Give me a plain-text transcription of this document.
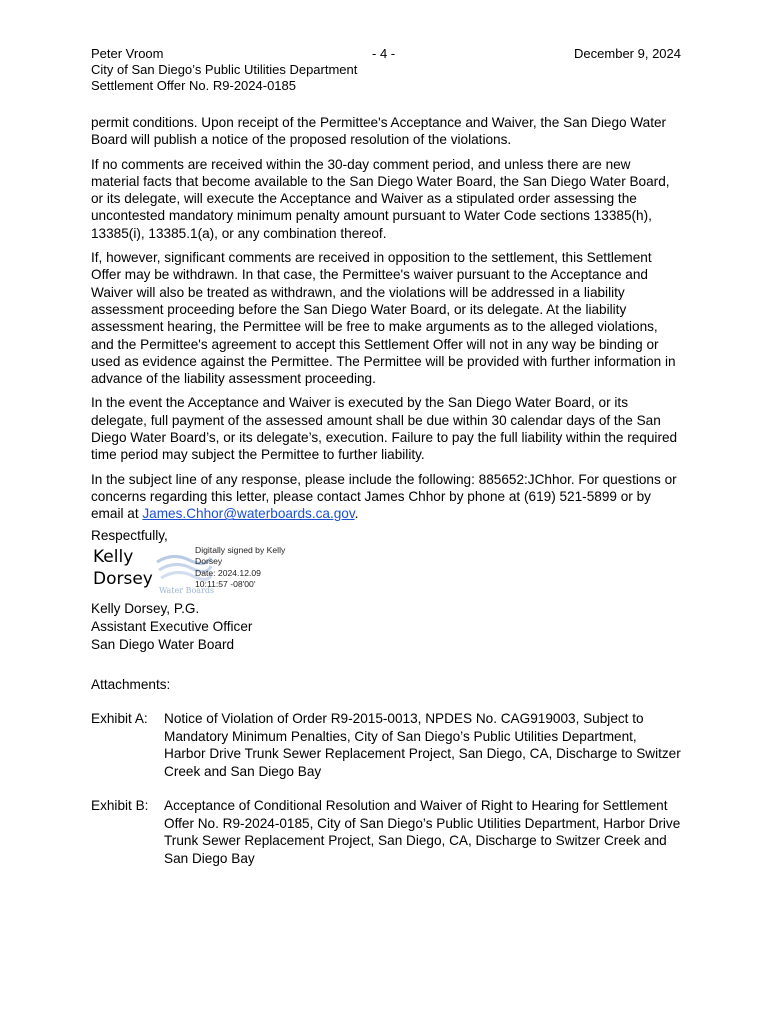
Peter Vroom	- 4 -	December 9, 2024
City of San Diego’s Public Utilities Department
Settlement Offer No. R9-2024-0185

permit conditions. Upon receipt of the Permittee's Acceptance and Waiver, the San Diego Water Board will publish a notice of the proposed resolution of the violations.

If no comments are received within the 30-day comment period, and unless there are new material facts that become available to the San Diego Water Board, the San Diego Water Board, or its delegate, will execute the Acceptance and Waiver as a stipulated order assessing the uncontested mandatory minimum penalty amount pursuant to Water Code sections 13385(h), 13385(i), 13385.1(a), or any combination thereof.

If, however, significant comments are received in opposition to the settlement, this Settlement Offer may be withdrawn. In that case, the Permittee's waiver pursuant to the Acceptance and Waiver will also be treated as withdrawn, and the violations will be addressed in a liability assessment proceeding before the San Diego Water Board, or its delegate. At the liability assessment hearing, the Permittee will be free to make arguments as to the alleged violations, and the Permittee's agreement to accept this Settlement Offer will not in any way be binding or used as evidence against the Permittee. The Permittee will be provided with further information in advance of the liability assessment proceeding.

In the event the Acceptance and Waiver is executed by the San Diego Water Board, or its delegate, full payment of the assessed amount shall be due within 30 calendar days of the San Diego Water Board’s, or its delegate’s, execution. Failure to pay the full liability within the required time period may subject the Permittee to further liability.

In the subject line of any response, please include the following: 885652:JChhor. For questions or concerns regarding this letter, please contact James Chhor by phone at (619) 521-5899 or by email at James.Chhor@waterboards.ca.gov.

Respectfully,
Kelly
Dorsey
Water Boards
Digitally signed by Kelly
Dorsey
Date: 2024.12.09
10:11:57 -08'00'
Kelly Dorsey, P.G.
Assistant Executive Officer
San Diego Water Board
Attachments:
Exhibit A:	Notice of Violation of Order R9-2015-0013, NPDES No. CAG919003, Subject to Mandatory Minimum Penalties, City of San Diego’s Public Utilities Department, Harbor Drive Trunk Sewer Replacement Project, San Diego, CA, Discharge to Switzer Creek and San Diego Bay
Exhibit B:	Acceptance of Conditional Resolution and Waiver of Right to Hearing for Settlement Offer No. R9-2024-0185, City of San Diego’s Public Utilities Department, Harbor Drive Trunk Sewer Replacement Project, San Diego, CA, Discharge to Switzer Creek and San Diego Bay
